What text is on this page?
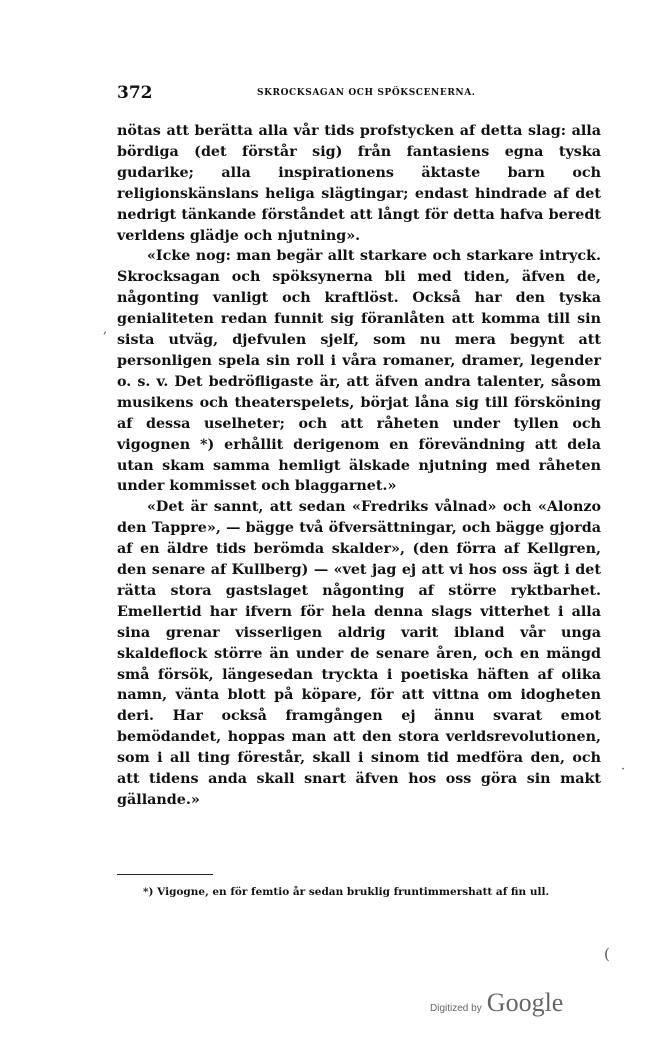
372	SKROCKSAGAN OCH SPÖKSCENERNA.

nötas att berätta alla vår tids profstycken af detta slag: alla bördiga (det förstår sig) från fantasiens egna tyska gudarike; alla inspirationens äktaste barn och religionskänslans heliga slägtingar; endast hindrade af det nedrigt tänkande förståndet att långt för detta hafva beredt verldens glädje och njutning».

«Icke nog: man begär allt starkare och starkare intryck. Skrocksagan och spöksynerna bli med tiden, äfven de, någonting vanligt och kraftlöst. Också har den tyska genialiteten redan funnit sig föranlåten att komma till sin sista utväg, djefvulen sjelf, som nu mera begynt att personligen spela sin roll i våra romaner, dramer, legender o. s. v. Det bedröfligaste är, att äfven andra talenter, såsom musikens och theaterspelets, börjat låna sig till försköning af dessa uselheter; och att råheten under tyllen och vigognen *) erhållit derigenom en förevändning att dela utan skam samma hemligt älskade njutning med råheten under kommisset och blaggarnet.»

«Det är sannt, att sedan «Fredriks vålnad» och «Alonzo den Tappre», — bägge två öfversättningar, och bägge gjorda af en äldre tids berömda skalder», (den förra af Kellgren, den senare af Kullberg) — «vet jag ej att vi hos oss ägt i det rätta stora gastslaget någonting af större ryktbarhet. Emellertid har ifvern för hela denna slags vitterhet i alla sina grenar visserligen aldrig varit ibland vår unga skaldeflock större än under de senare åren, och en mängd små försök, längesedan tryckta i poetiska häften af olika namn, vänta blott på köpare, för att vittna om idogheten deri. Har också framgången ej ännu svarat emot bemödandet, hoppas man att den stora verldsrevolutionen, som i all ting förestår, skall i sinom tid medföra den, och att tidens anda skall snart äfven hos oss göra sin makt gällande.»

*) Vigogne, en för femtio år sedan bruklig fruntimmershatt af fin ull.
,
·
(
Digitized by Google
